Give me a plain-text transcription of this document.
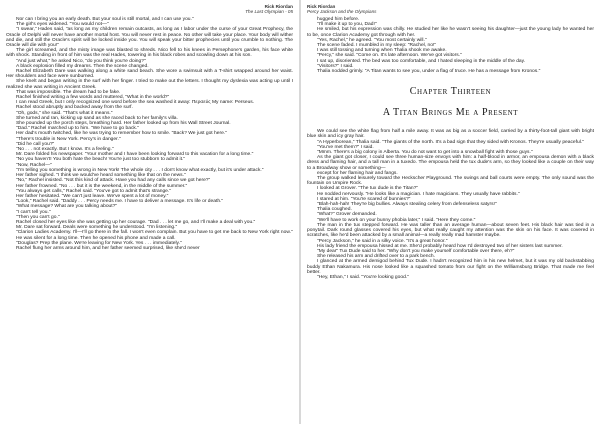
Rick Riordan
The Last Olympian - 05

Nor can I bring you an early death. But your soul is still mortal, and I can use you."

The girl's eyes widened. "You would not—"

"I swear," Hades said, "as long as my children remain outcasts, as long as I labor under the curse of your Great Prophecy, the Oracle of Delphi will never have another mortal host. You will never rest in peace. No other will take your place. Your body will wither and die, and still the Oracle's spirit will be locked inside you. You will speak your bitter prophecies until you crumble to nothing. The Oracle will die with you!"

The girl screamed, and the misty image was blasted to shreds. Nico fell to his knees in Persephone's garden, his face white with shock. Standing in front of him was the real Hades, towering in his black robes and scowling down at his son.

"And just what," he asked Nico, "do you think you're doing?"

A black explosion filled my dreams. Then the scene changed.

Rachel Elizabeth Dare was walking along a white sand beach. She wore a swimsuit with a T-shirt wrapped around her waist. Her shoulders and face were sunburned.

She knelt and began writing in the surf with her finger. I tried to make out the letters. I thought my dyslexia was acting up until I realized she was writing in Ancient Greek.

That was impossible. The dream had to be fake.

Rachel finished writing a few words and muttered, "What in the world?"

I can read Greek, but I only recognized one word before the sea washed it away: Περσεύς My name: Perseus.

Rachel stood abruptly and backed away from the surf.

"Oh, gods," she said. "That's what it means."

She turned and ran, kicking up sand as she raced back to her family's villa.

She pounded up the porch steps, breathing hard. Her father looked up from his Wall Street Journal.

"Dad." Rachel marched up to him. "We have to go back."

Her dad's mouth twitched, like he was trying to remember how to smile. "Back? We just got here."

"There's trouble in New York. Percy's in danger."

"Did he call you?"

"No . . . not exactly. But I know. It's a feeling."

Mr. Dare folded his newspaper. "Your mother and I have been looking forward to this vacation for a long time."

"No you haven't! You both hate the beach! You're just too stubborn to admit it."

"Now, Rachel—"

"I'm telling you something is wrong in New York! The whole city . . . I don't know what exactly, but it's under attack."

Her father sighed. "I think we would've heard something like that on the news."

"No," Rachel insisted. "Not this kind of attack. Have you had any calls since we got here?"

Her father frowned. "No . . . but it is the weekend, in the middle of the summer."

"You always get calls," Rachel said. "You've got to admit that's strange."

Her father hesitated. "We can't just leave. We've spent a lot of money."

"Look," Rachel said. "Daddy . . . Percy needs me. I have to deliver a message. It's life or death."

"What message? What are you talking about?"

"I can't tell you."

"Then you can't go."

Rachel closed her eyes like she was getting up her courage. "Dad . . . let me go, and I'll make a deal with you."

Mr. Dare sat forward. Deals were something he understood. "I'm listening."

"Clarion Ladies Academy. I'll—I'll go there in the fall. I won't even complain. But you have to get me back to New York right now."

He was silent for a long time. Then he opened his phone and made a call.

"Douglas? Prep the plane. We're leaving for New York. Yes . . . immediately."

Rachel flung her arms around him, and her father seemed surprised, like she'd never

Rick Riordan
Percy Jackson and the Olympians

hugged him before.

"I'll make it up to you, Dad!"

He smiled, but his expression was chilly. He studied her like he wasn't seeing his daughter—just the young lady he wanted her to be, once Clarion Academy got through with her.

"Yes, Rachel," he agreed. "You most certainly will."

The scene faded. I mumbled in my sleep: "Rachel, no!"

I was still tossing and turning when Thalia shook me awake.

"Percy," she said. "Come on. It's late afternoon. We've got visitors."

I sat up, disoriented. The bed was too comfortable, and I hated sleeping in the middle of the day.

"Visitors?" I said.

Thalia nodded grimly. "A Titan wants to see you, under a flag of truce. He has a message from Kronos."

Chapter Thirteen
A Titan Brings Me a Present

We could see the white flag from half a mile away. It was as big as a soccer field, carried by a thirty-foot-tall giant with bright blue skin and icy gray hair.

"A Hyperborean," Thalia said. "The giants of the north. It's a bad sign that they sided with Kronos. They're usually peaceful."

"You've met them?" I said.

"Mmm. There's a big colony in Alberta. You do not want to get into a snowball fight with those guys."

As the giant got closer, I could see three human-size envoys with him: a half-blood in armor, an empousa demon with a black dress and flaming hair, and a tall man in a tuxedo. The empousa held the tux dude's arm, so they looked like a couple on their way to a Broadway show or something—

except for her flaming hair and fangs.

The group walked leisurely toward the Heckscher Playground. The swings and ball courts were empty. The only sound was the fountain on Umpire Rock.

I looked at Grover. "The tux dude is the Titan?"

He nodded nervously. "He looks like a magician. I hate magicians. They usually have rabbits."

I stared at him. "You're scared of bunnies?"

"Blah-hah-hah! They're big bullies. Always stealing celery from defenseless satyrs!"

Thalia coughed.

"What?" Grover demanded.

"We'll have to work on your bunny phobia later," I said. "Here they come."

The man in the tux stepped forward. He was taller than an average human—about seven feet. His black hair was tied in a ponytail. Dark round glasses covered his eyes, but what really caught my attention was the skin on his face. It was covered in scratches, like he'd been attacked by a small animal—a really really mad hamster maybe.

"Percy Jackson," he said in a silky voice. "It's a great honor."

His lady friend the empousa hissed at me. She'd probably heard how I'd destroyed two of her sisters last summer.

"My dear" Tux Dude said to her. "Why don't you make yourself comfortable over there, eh?"

She released his arm and drifted over to a park bench.

I glanced at the armed demigod behind Tux Dude. I hadn't recognized him in his new helmet, but it was my old backstabbing buddy Ethan Nakamura. His nose looked like a squashed tomato from our fight on the Williamsburg Bridge. That made me feel better.

"Hey, Ethan," I said. "You're looking good."
